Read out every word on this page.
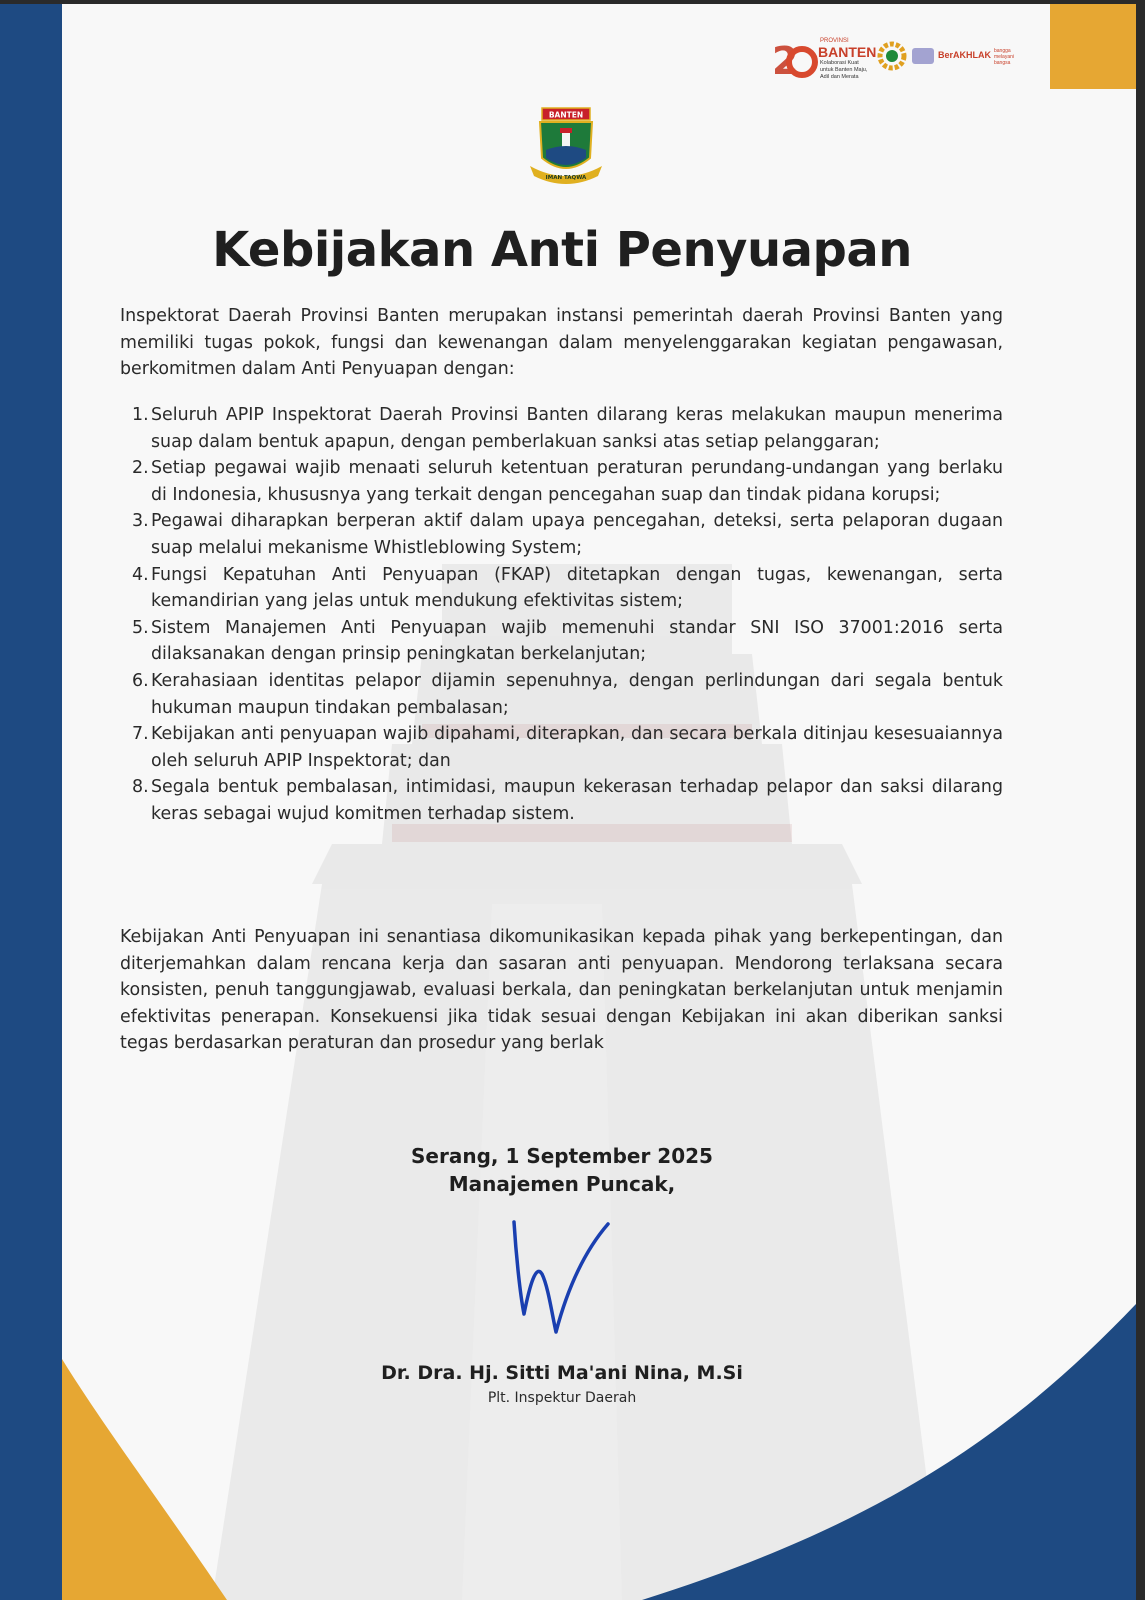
2	PROVINSI
BANTEN
Kolaborasi Kuat
untuk Banten Maju,
Adil dan Merata
BerAKHLAK bangga
melayani
bangsa
BANTEN
IMAN TAQWA
Kebijakan Anti Penyuapan

Inspektorat Daerah Provinsi Banten merupakan instansi pemerintah daerah Provinsi Banten yang memiliki tugas pokok, fungsi dan kewenangan dalam menyelenggarakan kegiatan pengawasan, berkomitmen dalam Anti Penyuapan dengan:

1. Seluruh APIP Inspektorat Daerah Provinsi Banten dilarang keras melakukan maupun menerima suap dalam bentuk apapun, dengan pemberlakuan sanksi atas setiap pelanggaran;
2. Setiap pegawai wajib menaati seluruh ketentuan peraturan perundang-undangan yang berlaku di Indonesia, khususnya yang terkait dengan pencegahan suap dan tindak pidana korupsi;
3. Pegawai diharapkan berperan aktif dalam upaya pencegahan, deteksi, serta pelaporan dugaan suap melalui mekanisme Whistleblowing System;
4. Fungsi Kepatuhan Anti Penyuapan (FKAP) ditetapkan dengan tugas, kewenangan, serta kemandirian yang jelas untuk mendukung efektivitas sistem;
5. Sistem Manajemen Anti Penyuapan wajib memenuhi standar SNI ISO 37001:2016 serta dilaksanakan dengan prinsip peningkatan berkelanjutan;
6. Kerahasiaan identitas pelapor dijamin sepenuhnya, dengan perlindungan dari segala bentuk hukuman maupun tindakan pembalasan;
7. Kebijakan anti penyuapan wajib dipahami, diterapkan, dan secara berkala ditinjau kesesuaiannya oleh seluruh APIP Inspektorat; dan
8. Segala bentuk pembalasan, intimidasi, maupun kekerasan terhadap pelapor dan saksi dilarang keras sebagai wujud komitmen terhadap sistem.

Kebijakan Anti Penyuapan ini senantiasa dikomunikasikan kepada pihak yang berkepentingan, dan diterjemahkan dalam rencana kerja dan sasaran anti penyuapan. Mendorong terlaksana secara konsisten, penuh tanggungjawab, evaluasi berkala, dan peningkatan berkelanjutan untuk menjamin efektivitas penerapan. Konsekuensi jika tidak sesuai dengan Kebijakan ini akan diberikan sanksi tegas berdasarkan peraturan dan prosedur yang berlak

Serang, 1 September 2025
Manajemen Puncak,
Dr. Dra. Hj. Sitti Ma'ani Nina, M.Si
Plt. Inspektur Daerah
